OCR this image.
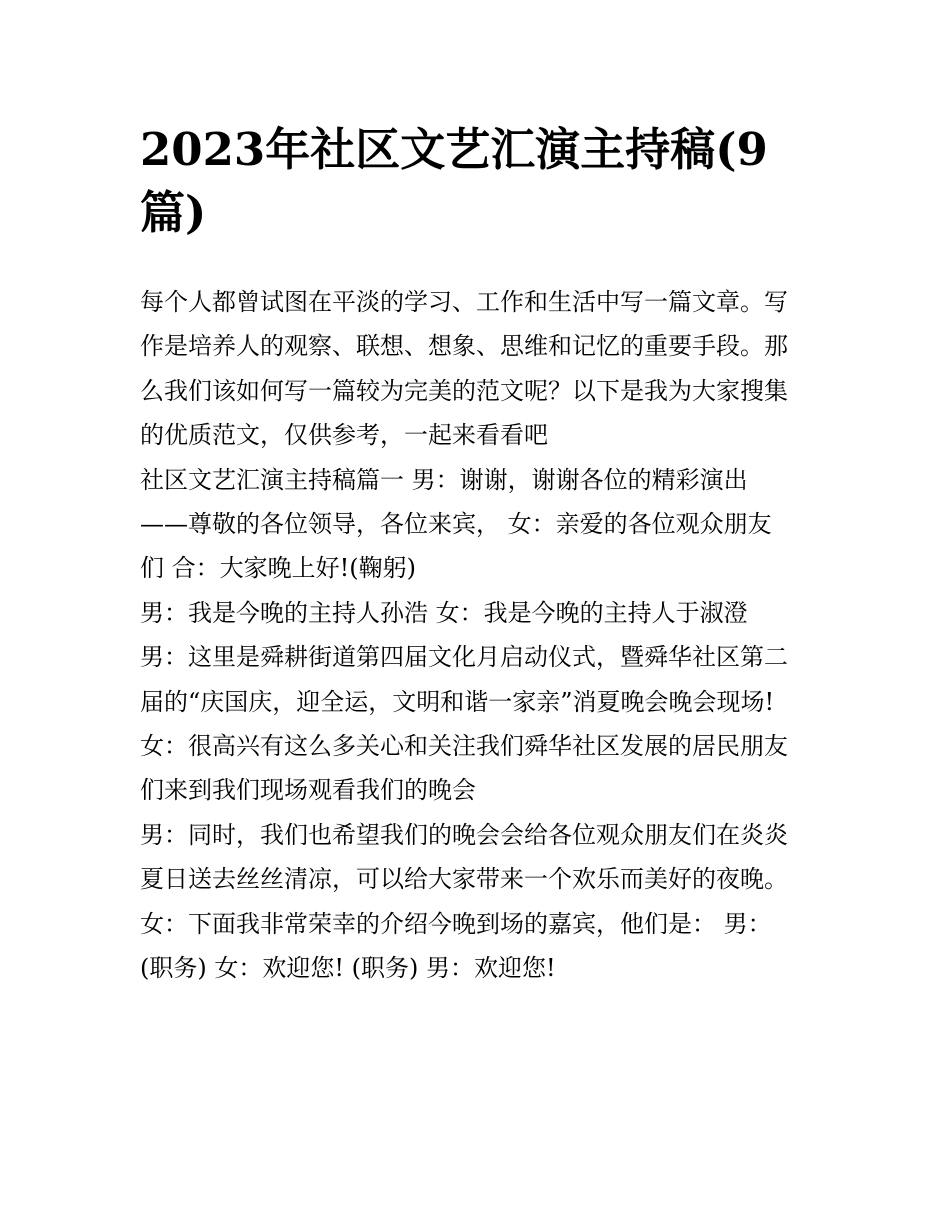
2023年社区文艺汇演主持稿(9
篇)

每个人都曾试图在平淡的学习、工作和生活中写一篇文章。写

作是培养人的观察、联想、想象、思维和记忆的重要手段。那

么我们该如何写一篇较为完美的范文呢？以下是我为大家搜集

的优质范文，仅供参考，一起来看看吧

社区文艺汇演主持稿篇一 男：谢谢，谢谢各位的精彩演出

——尊敬的各位领导，各位来宾， 女：亲爱的各位观众朋友

们 合：大家晚上好!(鞠躬)

男：我是今晚的主持人孙浩 女：我是今晚的主持人于淑澄

男：这里是舜耕街道第四届文化月启动仪式，暨舜华社区第二

届的“庆国庆，迎全运，文明和谐一家亲”消夏晚会晚会现场!

女：很高兴有这么多关心和关注我们舜华社区发展的居民朋友

们来到我们现场观看我们的晚会

男：同时，我们也希望我们的晚会会给各位观众朋友们在炎炎

夏日送去丝丝清凉，可以给大家带来一个欢乐而美好的夜晚。

女：下面我非常荣幸的介绍今晚到场的嘉宾，他们是： 男：

(职务) 女：欢迎您! (职务) 男：欢迎您!
